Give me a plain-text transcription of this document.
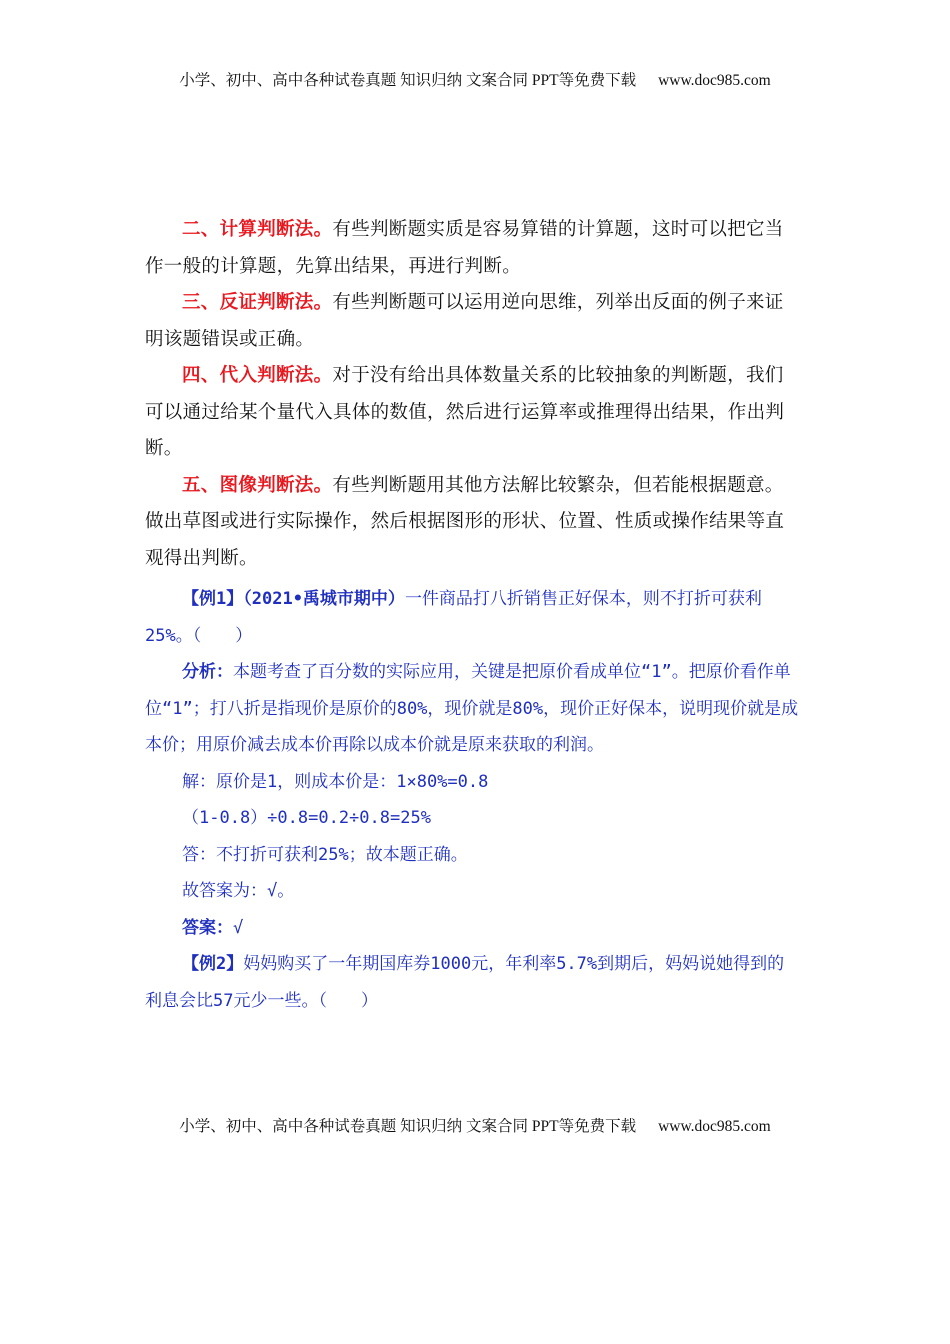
小学、初中、高中各种试卷真题 知识归纳 文案合同 PPT等免费下载 www.doc985.com

二、计算判断法。有些判断题实质是容易算错的计算题，这时可以把它当作一般的计算题，先算出结果，再进行判断。

三、反证判断法。有些判断题可以运用逆向思维，列举出反面的例子来证明该题错误或正确。

四、代入判断法。对于没有给出具体数量关系的比较抽象的判断题，我们可以通过给某个量代入具体的数值，然后进行运算率或推理得出结果，作出判断。

五、图像判断法。有些判断题用其他方法解比较繁杂，但若能根据题意。做出草图或进行实际操作，然后根据图形的形状、位置、性质或操作结果等直观得出判断。

【例1】（2021•禹城市期中）一件商品打八折销售正好保本，则不打折可获利25%。（　　）

分析：本题考查了百分数的实际应用，关键是把原价看成单位“1”。把原价看作单位“1”；打八折是指现价是原价的80%，现价就是80%，现价正好保本，说明现价就是成本价；用原价减去成本价再除以成本价就是原来获取的利润。

解：原价是1，则成本价是：1×80%=0.8

（1-0.8）÷0.8=0.2÷0.8=25%

答：不打折可获利25%；故本题正确。

故答案为：√。

答案：√

【例2】妈妈购买了一年期国库券1000元，年利率5.7%到期后，妈妈说她得到的利息会比57元少一些。（　　）

小学、初中、高中各种试卷真题 知识归纳 文案合同 PPT等免费下载 www.doc985.com
